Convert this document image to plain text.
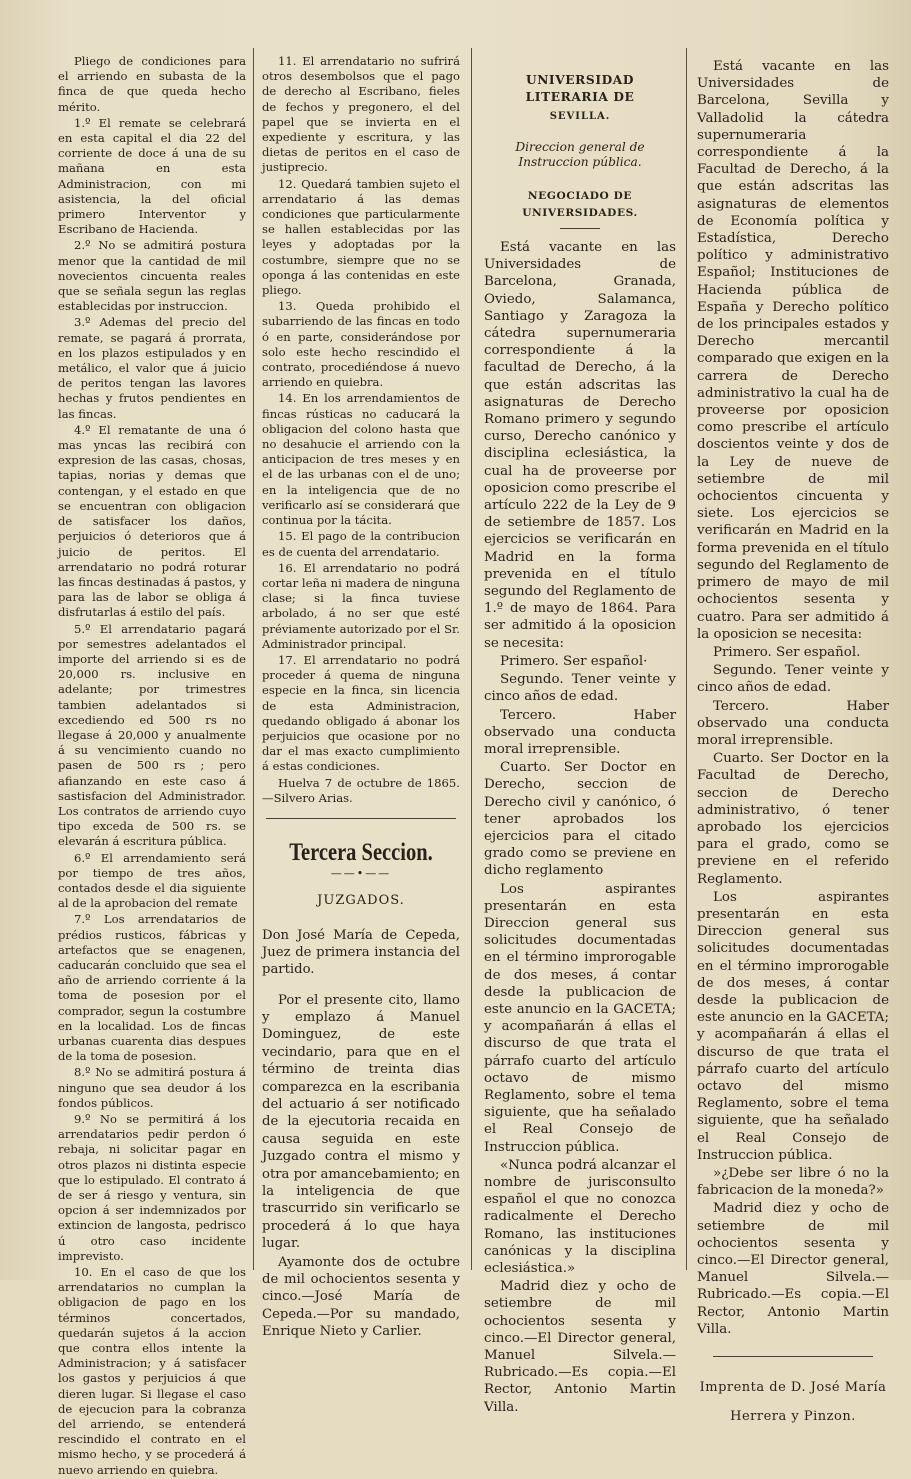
Pliego de condiciones para el arriendo en subasta de la finca de que queda hecho mérito.

1.º El remate se celebrará en esta capital el dia 22 del corriente de doce á una de su mañana en esta Administracion, con mi asistencia, la del oficial primero Interventor y Escribano de Hacienda.

2.º No se admitirá postura menor que la cantidad de mil novecientos cincuenta reales que se señala segun las reglas establecidas por instruccion.

3.º Ademas del precio del remate, se pagará á prorrata, en los plazos estipulados y en metálico, el valor que á juicio de peritos tengan las lavores hechas y frutos pendientes en las fincas.

4.º El rematante de una ó mas yncas las recibirá con expresion de las casas, chosas, tapias, norias y demas que contengan, y el estado en que se encuentran con obligacion de satisfacer los daños, perjuicios ó deterioros que á juicio de peritos. El arrendatario no podrá roturar las fincas destinadas á pastos, y para las de labor se obliga á disfrutarlas á estilo del país.

5.º El arrendatario pagará por semestres adelantados el importe del arriendo si es de 20,000 rs. inclusive en adelante; por trimestres tambien adelantados si excediendo ed 500 rs no llegase á 20,000 y anualmente á su vencimiento cuando no pasen de 500 rs ; pero afianzando en este caso á sastisfacion del Administrador. Los contratos de arriendo cuyo tipo exceda de 500 rs. se elevarán á escritura pública.

6.º El arrendamiento será por tiempo de tres años, contados desde el dia siguiente al de la aprobacion del remate

7.º Los arrendatarios de prédios rusticos, fábricas y artefactos que se enagenen, caducarán concluido que sea el año de arriendo corriente á la toma de posesion por el comprador, segun la costumbre en la localidad. Los de fincas urbanas cuarenta dias despues de la toma de posesion.

8.º No se admitirá postura á ninguno que sea deudor á los fondos públicos.

9.º No se permitirá á los arrendatarios pedir perdon ó rebaja, ni solicitar pagar en otros plazos ni distinta especie que lo estipulado. El contrato á de ser á riesgo y ventura, sin opcion á ser indemnizados por extincion de langosta, pedrisco ú otro caso incidente imprevisto.

10. En el caso de que los arrendatarios no cumplan la obligacion de pago en los términos concertados, quedarán sujetos á la accion que contra ellos intente la Administracion; y á satisfacer los gastos y perjuicios á que dieren lugar. Si llegase el caso de ejecucion para la cobranza del arriendo, se entenderá rescindido el contrato en el mismo hecho, y se procederá á nuevo arriendo en quiebra.

11. El arrendatario no sufrirá otros desembolsos que el pago de derecho al Escribano, fieles de fechos y pregonero, el del papel que se invierta en el expediente y escritura, y las dietas de peritos en el caso de justiprecio.

12. Quedará tambien sujeto el arrendatario á las demas condiciones que particularmente se hallen establecidas por las leyes y adoptadas por la costumbre, siempre que no se oponga á las contenidas en este pliego.

13. Queda prohibido el subarriendo de las fincas en todo ó en parte, considerándose por solo este hecho rescindido el contrato, procediéndose á nuevo arriendo en quiebra.

14. En los arrendamientos de fincas rústicas no caducará la obligacion del colono hasta que no desahucie el arriendo con la anticipacion de tres meses y en el de las urbanas con el de uno; en la inteligencia que de no verificarlo así se considerará que continua por la tácita.

15. El pago de la contribucion es de cuenta del arrendatario.

16. El arrendatario no podrá cortar leña ni madera de ninguna clase; si la finca tuviese arbolado, á no ser que esté préviamente autorizado por el Sr. Administrador principal.

17. El arrendatario no podrá proceder á quema de ninguna especie en la finca, sin licencia de esta Administracion, quedando obligado á abonar los perjuicios que ocasione por no dar el mas exacto cumplimiento á estas condiciones.

Huelva 7 de octubre de 1865. —Silvero Arias.

Tercera Seccion.
——•——
JUZGADOS.

Don José María de Cepeda, Juez de primera instancia del partido.

Por el presente cito, llamo y emplazo á Manuel Dominguez, de este vecindario, para que en el término de treinta dias comparezca en la escribania del actuario á ser notificado de la ejecutoria recaida en causa seguida en este Juzgado contra el mismo y otra por amancebamiento; en la inteligencia de que trascurrido sin verificarlo se procederá á lo que haya lugar.

Ayamonte dos de octubre de mil ochocientos sesenta y cinco.—José María de Cepeda.—Por su mandado, Enrique Nieto y Carlier.

UNIVERSIDAD LITERARIA DE
SEVILLA.
Direccion general de Instruccion pública.
NEGOCIADO DE UNIVERSIDADES.

Está vacante en las Universidades de Barcelona, Granada, Oviedo, Salamanca, Santiago y Zaragoza la cátedra supernumeraria correspondiente á la facultad de Derecho, á la que están adscritas las asignaturas de Derecho Romano primero y segundo curso, Derecho canónico y disciplina eclesiástica, la cual ha de proveerse por oposicion como prescribe el artículo 222 de la Ley de 9 de setiembre de 1857. Los ejercicios se verificarán en Madrid en la forma prevenida en el título segundo del Reglamento de 1.º de mayo de 1864. Para ser admitido á la oposicion se necesita:

Primero. Ser español·

Segundo. Tener veinte y cinco años de edad.

Tercero. Haber observado una conducta moral irreprensible.

Cuarto. Ser Doctor en Derecho, seccion de Derecho civil y canónico, ó tener aprobados los ejercicios para el citado grado como se previene en dicho reglamento

Los aspirantes presentarán en esta Direccion general sus solicitudes documentadas en el término improrogable de dos meses, á contar desde la publicacion de este anuncio en la GACETA; y acompañarán á ellas el discurso de que trata el párrafo cuarto del artículo octavo de mismo Reglamento, sobre el tema siguiente, que ha señalado el Real Consejo de Instruccion pública.

«Nunca podrá alcanzar el nombre de jurisconsulto español el que no conozca radicalmente el Derecho Romano, las instituciones canónicas y la disciplina eclesiástica.»

Madrid diez y ocho de setiembre de mil ochocientos sesenta y cinco.—El Director general, Manuel Silvela.—Rubricado.—Es copia.—El Rector, Antonio Martin Villa.

Está vacante en las Universidades de Barcelona, Sevilla y Valladolid la cátedra supernumeraria correspondiente á la Facultad de Derecho, á la que están adscritas las asignaturas de elementos de Economía política y Estadística, Derecho político y administrativo Español; Instituciones de Hacienda pública de España y Derecho político de los principales estados y Derecho mercantil comparado que exigen en la carrera de Derecho administrativo la cual ha de proveerse por oposicion como prescribe el artículo doscientos veinte y dos de la Ley de nueve de setiembre de mil ochocientos cincuenta y siete. Los ejercicios se verificarán en Madrid en la forma prevenida en el título segundo del Reglamento de primero de mayo de mil ochocientos sesenta y cuatro. Para ser admitido á la oposicion se necesita:

Primero. Ser español.

Segundo. Tener veinte y cinco años de edad.

Tercero. Haber observado una conducta moral irreprensible.

Cuarto. Ser Doctor en la Facultad de Derecho, seccion de Derecho administrativo, ó tener aprobado los ejercicios para el grado, como se previene en el referido Reglamento.

Los aspirantes presentarán en esta Direccion general sus solicitudes documentadas en el término improrogable de dos meses, á contar desde la publicacion de este anuncio en la GACETA; y acompañarán á ellas el discurso de que trata el párrafo cuarto del artículo octavo del mismo Reglamento, sobre el tema siguiente, que ha señalado el Real Consejo de Instruccion pública.

»¿Debe ser libre ó no la fabricacion de la moneda?»

Madrid diez y ocho de setiembre de mil ochocientos sesenta y cinco.—El Director general, Manuel Silvela.—Rubricado.—Es copia.—El Rector, Antonio Martin Villa.

Imprenta de D. José María
Herrera y Pinzon.
